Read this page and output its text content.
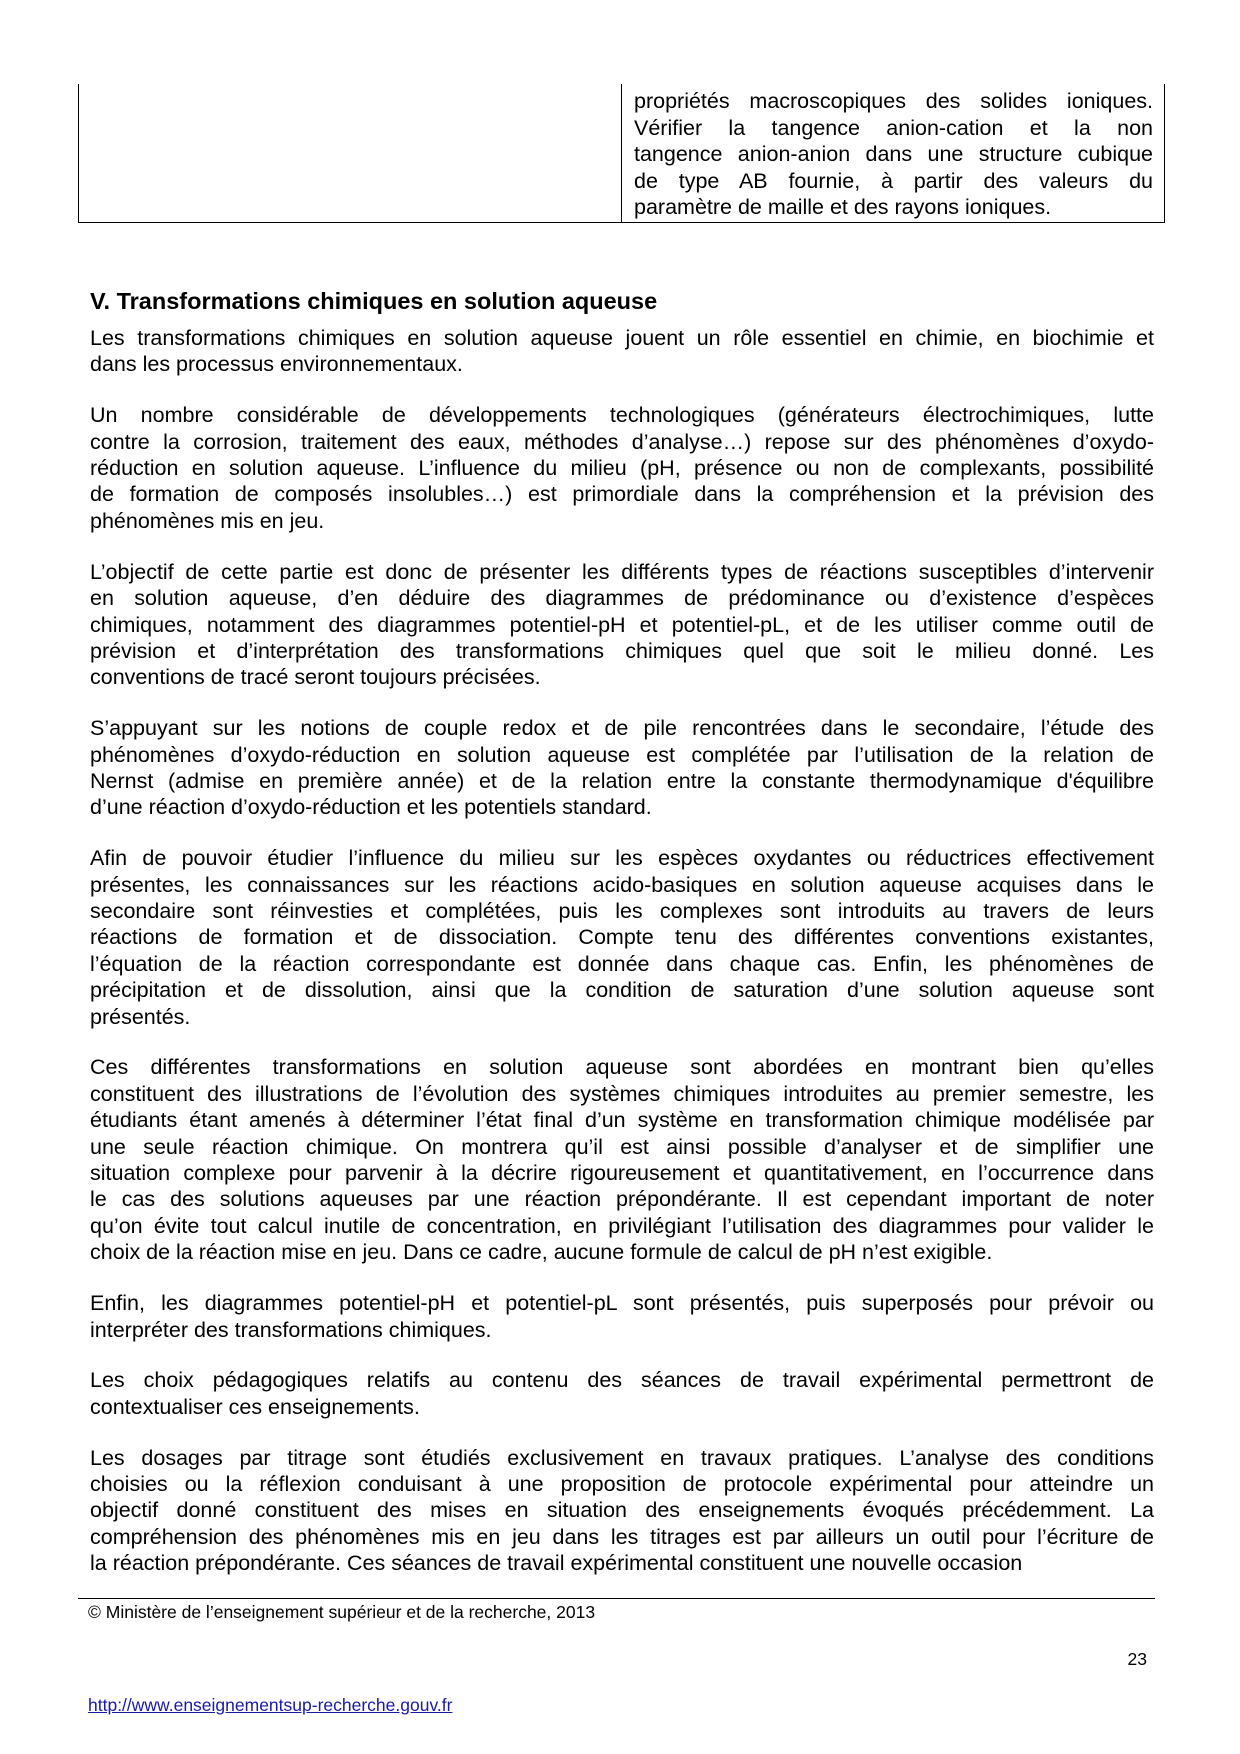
propriétés macroscopiques des solides ioniques.
Vérifier la tangence anion-cation et la non
tangence anion-anion dans une structure cubique
de type AB fournie, à partir des valeurs du
paramètre de maille et des rayons ioniques.
V. Transformations chimiques en solution aqueuse
Les transformations chimiques en solution aqueuse jouent un rôle essentiel en chimie, en biochimie et
dans les processus environnementaux.
Un nombre considérable de développements technologiques (générateurs électrochimiques, lutte
contre la corrosion, traitement des eaux, méthodes d’analyse…) repose sur des phénomènes d’oxydo-
réduction en solution aqueuse. L’influence du milieu (pH, présence ou non de complexants, possibilité
de formation de composés insolubles…) est primordiale dans la compréhension et la prévision des
phénomènes mis en jeu.
L’objectif de cette partie est donc de présenter les différents types de réactions susceptibles d’intervenir
en solution aqueuse, d’en déduire des diagrammes de prédominance ou d’existence d’espèces
chimiques, notamment des diagrammes potentiel-pH et potentiel-pL, et de les utiliser comme outil de
prévision et d’interprétation des transformations chimiques quel que soit le milieu donné. Les
conventions de tracé seront toujours précisées.
S’appuyant sur les notions de couple redox et de pile rencontrées dans le secondaire, l’étude des
phénomènes d’oxydo-réduction en solution aqueuse est complétée par l’utilisation de la relation de
Nernst (admise en première année) et de la relation entre la constante thermodynamique d'équilibre
d’une réaction d’oxydo-réduction et les potentiels standard.
Afin de pouvoir étudier l’influence du milieu sur les espèces oxydantes ou réductrices effectivement
présentes, les connaissances sur les réactions acido-basiques en solution aqueuse acquises dans le
secondaire sont réinvesties et complétées, puis les complexes sont introduits au travers de leurs
réactions de formation et de dissociation. Compte tenu des différentes conventions existantes,
l’équation de la réaction correspondante est donnée dans chaque cas. Enfin, les phénomènes de
précipitation et de dissolution, ainsi que la condition de saturation d’une solution aqueuse sont
présentés.
Ces différentes transformations en solution aqueuse sont abordées en montrant bien qu’elles
constituent des illustrations de l’évolution des systèmes chimiques introduites au premier semestre, les
étudiants étant amenés à déterminer l’état final d’un système en transformation chimique modélisée par
une seule réaction chimique. On montrera qu’il est ainsi possible d’analyser et de simplifier une
situation complexe pour parvenir à la décrire rigoureusement et quantitativement, en l’occurrence dans
le cas des solutions aqueuses par une réaction prépondérante. Il est cependant important de noter
qu’on évite tout calcul inutile de concentration, en privilégiant l’utilisation des diagrammes pour valider le
choix de la réaction mise en jeu. Dans ce cadre, aucune formule de calcul de pH n’est exigible.
Enfin, les diagrammes potentiel-pH et potentiel-pL sont présentés, puis superposés pour prévoir ou
interpréter des transformations chimiques.
Les choix pédagogiques relatifs au contenu des séances de travail expérimental permettront de
contextualiser ces enseignements.
Les dosages par titrage sont étudiés exclusivement en travaux pratiques. L’analyse des conditions
choisies ou la réflexion conduisant à une proposition de protocole expérimental pour atteindre un
objectif donné constituent des mises en situation des enseignements évoqués précédemment. La
compréhension des phénomènes mis en jeu dans les titrages est par ailleurs un outil pour l’écriture de
la réaction prépondérante. Ces séances de travail expérimental constituent une nouvelle occasion
© Ministère de l’enseignement supérieur et de la recherche, 2013
23
http://www.enseignementsup-recherche.gouv.fr
